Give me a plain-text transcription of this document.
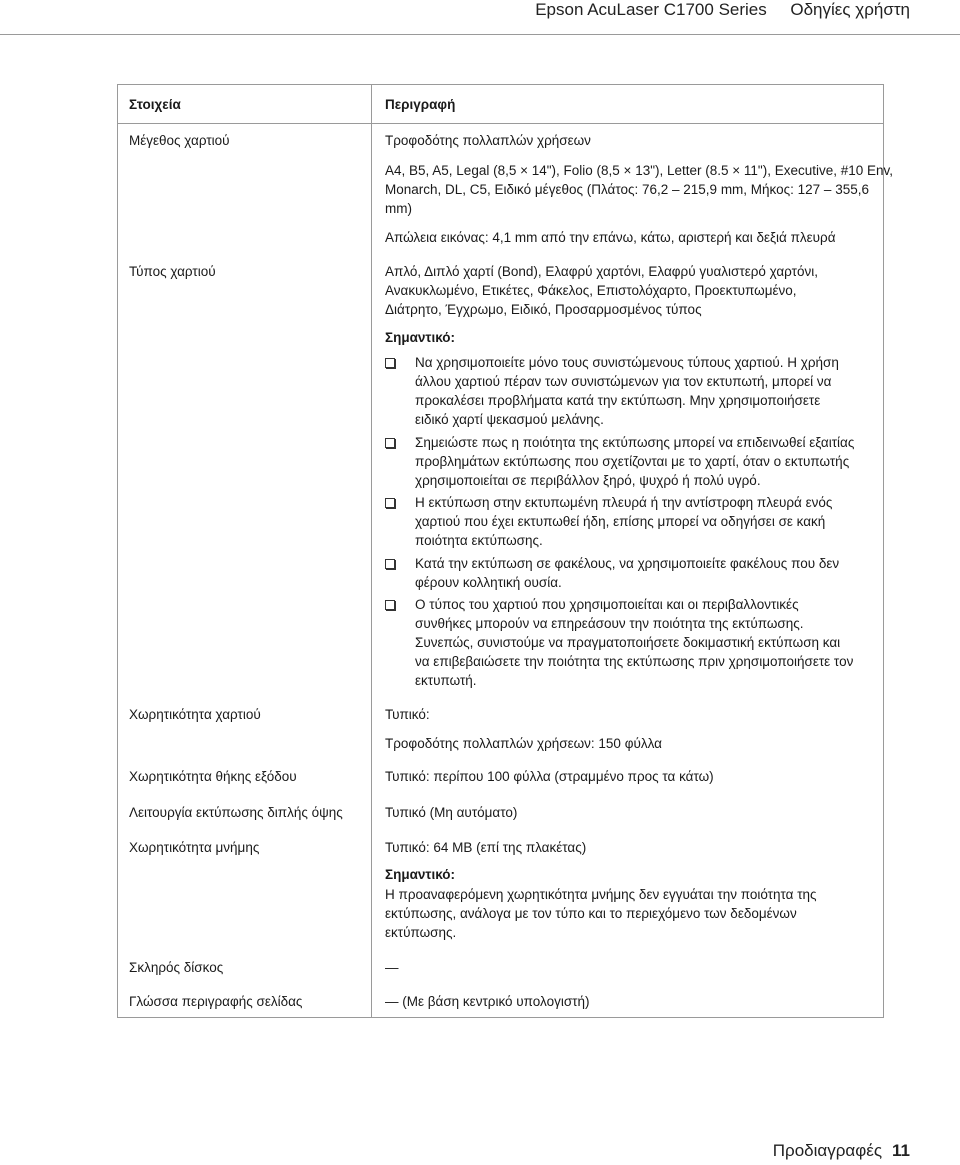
Epson AcuLaser C1700 Series     Οδηγίες χρήστη
Στοιχεία	Περιγραφή
Μέγεθος χαρτιού	Τροφοδότης πολλαπλών χρήσεων
A4, B5, A5, Legal (8,5 × 14"), Folio (8,5 × 13"), Letter (8.5 × 11"), Executive, #10 Env,
Monarch, DL, C5, Ειδικό μέγεθος (Πλάτος: 76,2 – 215,9 mm, Μήκος: 127 – 355,6
mm)
Απώλεια εικόνας: 4,1 mm από την επάνω, κάτω, αριστερή και δεξιά πλευρά
Τύπος χαρτιού	Απλό, Διπλό χαρτί (Bond), Ελαφρύ χαρτόνι, Ελαφρύ γυαλιστερό χαρτόνι,
Ανακυκλωμένο, Ετικέτες, Φάκελος, Επιστολόχαρτο, Προεκτυπωμένο,
Διάτρητο, Έγχρωμο, Ειδικό, Προσαρμοσμένος τύπος
Σημαντικό:
Να χρησιμοποιείτε μόνο τους συνιστώμενους τύπους χαρτιού. Η χρήση
άλλου χαρτιού πέραν των συνιστώμενων για τον εκτυπωτή, μπορεί να
προκαλέσει προβλήματα κατά την εκτύπωση. Μην χρησιμοποιήσετε
ειδικό χαρτί ψεκασμού μελάνης.
Σημειώστε πως η ποιότητα της εκτύπωσης μπορεί να επιδεινωθεί εξαιτίας
προβλημάτων εκτύπωσης που σχετίζονται με το χαρτί, όταν ο εκτυπωτής
χρησιμοποιείται σε περιβάλλον ξηρό, ψυχρό ή πολύ υγρό.
Η εκτύπωση στην εκτυπωμένη πλευρά ή την αντίστροφη πλευρά ενός
χαρτιού που έχει εκτυπωθεί ήδη, επίσης μπορεί να οδηγήσει σε κακή
ποιότητα εκτύπωσης.
Κατά την εκτύπωση σε φακέλους, να χρησιμοποιείτε φακέλους που δεν
φέρουν κολλητική ουσία.
Ο τύπος του χαρτιού που χρησιμοποιείται και οι περιβαλλοντικές
συνθήκες μπορούν να επηρεάσουν την ποιότητα της εκτύπωσης.
Συνεπώς, συνιστούμε να πραγματοποιήσετε δοκιμαστική εκτύπωση και
να επιβεβαιώσετε την ποιότητα της εκτύπωσης πριν χρησιμοποιήσετε τον
εκτυπωτή.
Χωρητικότητα χαρτιού	Τυπικό:
Τροφοδότης πολλαπλών χρήσεων: 150 φύλλα
Χωρητικότητα θήκης εξόδου	Τυπικό: περίπου 100 φύλλα (στραμμένο προς τα κάτω)
Λειτουργία εκτύπωσης διπλής όψης	Τυπικό (Μη αυτόματο)
Χωρητικότητα μνήμης	Τυπικό: 64 MB (επί της πλακέτας)
Σημαντικό:
Η προαναφερόμενη χωρητικότητα μνήμης δεν εγγυάται την ποιότητα της
εκτύπωσης, ανάλογα με τον τύπο και το περιεχόμενο των δεδομένων
εκτύπωσης.
Σκληρός δίσκος	—
Γλώσσα περιγραφής σελίδας	— (Με βάση κεντρικό υπολογιστή)
Προδιαγραφές 11
